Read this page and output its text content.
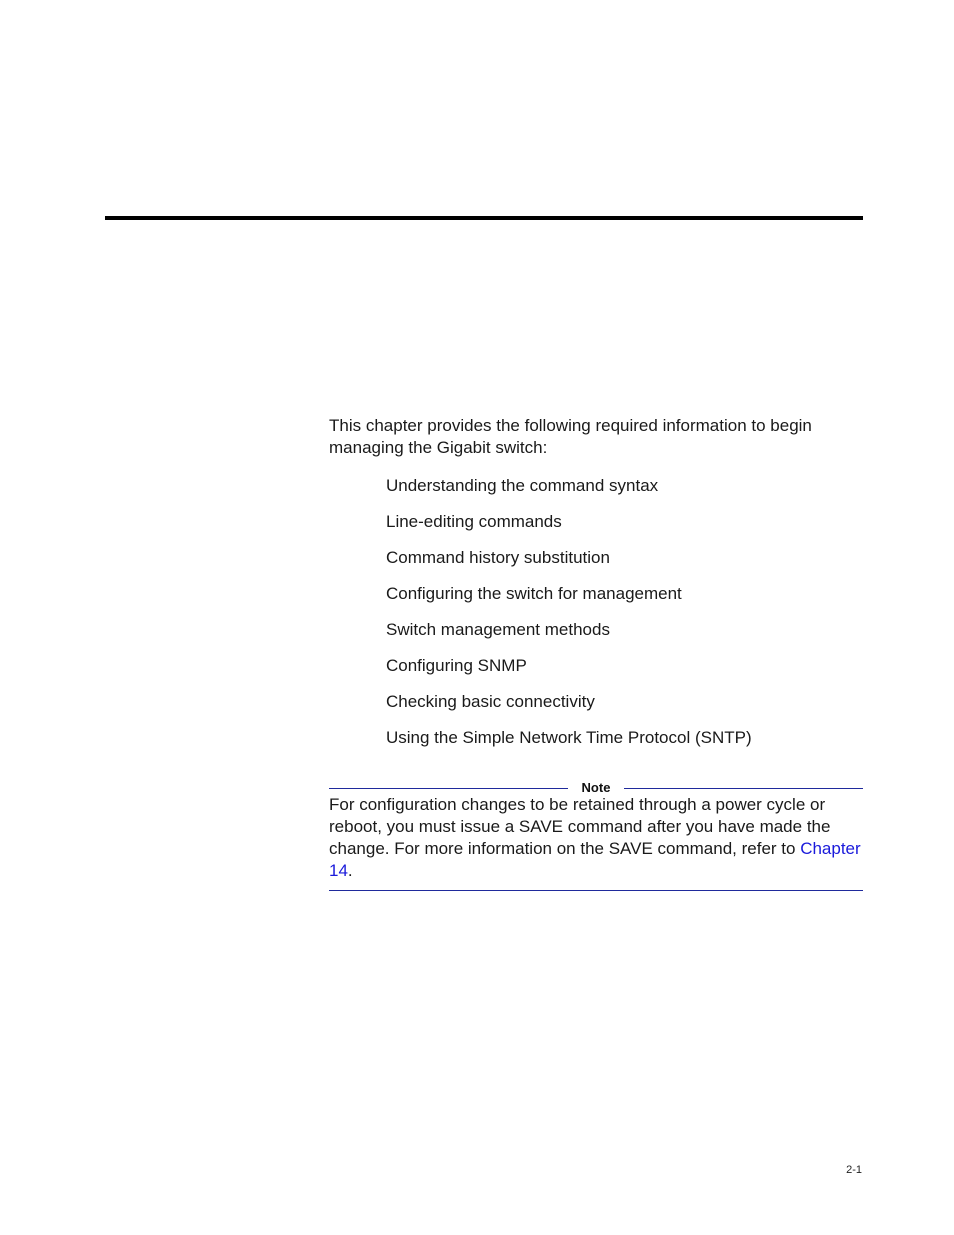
This chapter provides the following required information to begin managing the Gigabit switch:

Understanding the command syntax
Line-editing commands
Command history substitution
Configuring the switch for management
Switch management methods
Configuring SNMP
Checking basic connectivity
Using the Simple Network Time Protocol (SNTP)
Note

For configuration changes to be retained through a power cycle or reboot, you must issue a SAVE command after you have made the change. For more information on the SAVE command, refer to Chapter 14.

2-1
